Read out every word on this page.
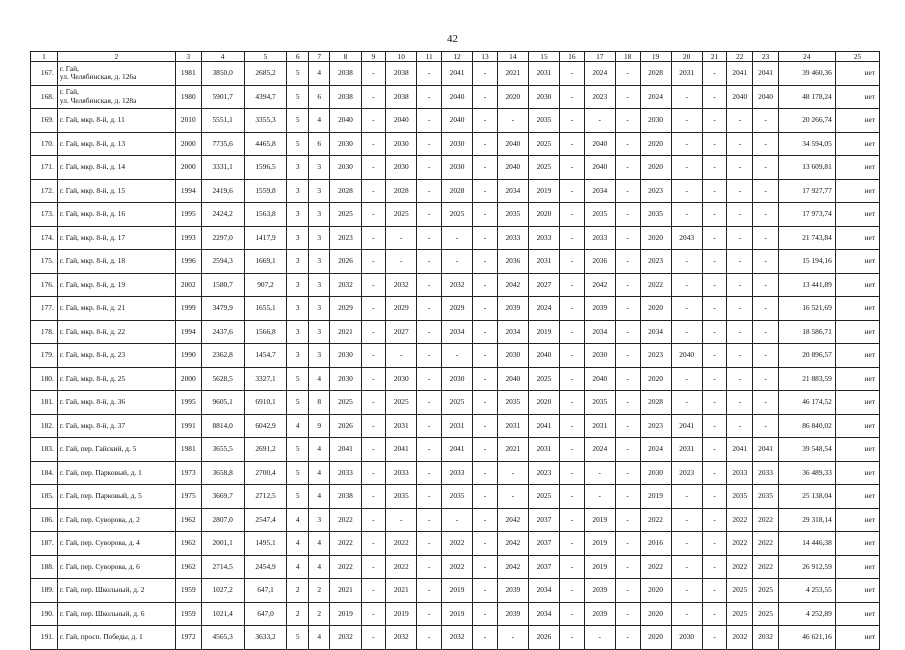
42
1	2	3	4	5	6	7	8	9	10	11	12	13	14	15	16	17	18	19	20	21	22	23	24	25
167.	г. Гай,
ул. Челябинская, д. 126а	1981	3850,0	2685,2	5	4	2038	-	2038	-	2041	-	2021	2031	-	2024	-	2028	2031	-	2041	2041	39 460,36	нет
168.	г. Гай,
ул. Челябинская, д. 128а	1980	5901,7	4394,7	5	6	2038	-	2038	-	2040	-	2020	2030	-	2023	-	2024	-	-	2040	2040	48 178,24	нет
169.	г. Гай, мкр. 8-й, д. 11	2010	5551,1	3355,3	5	4	2040	-	2040	-	2040	-	-	2035	-	-	-	2030	-	-	-	-	20 266,74	нет
170.	г. Гай, мкр. 8-й, д. 13	2000	7735,6	4465,8	5	6	2030	-	2030	-	2030	-	2040	2025	-	2040	-	2020	-	-	-	-	34 594,05	нет
171.	г. Гай, мкр. 8-й, д. 14	2000	3331,1	1596,5	3	3	2030	-	2030	-	2030	-	2040	2025	-	2040	-	2020	-	-	-	-	13 609,81	нет
172.	г. Гай, мкр. 8-й, д. 15	1994	2419,6	1559,8	3	3	2028	-	2028	-	2028	-	2034	2019	-	2034	-	2023	-	-	-	-	17 927,77	нет
173.	г. Гай, мкр. 8-й, д. 16	1995	2424,2	1563,8	3	3	2025	-	2025	-	2025	-	2035	2020	-	2035	-	2035	-	-	-	-	17 973,74	нет
174.	г. Гай, мкр. 8-й, д. 17	1993	2297,0	1417,9	3	3	2023	-	-	-	-	-	2033	2033	-	2033	-	2020	2043	-	-	-	21 743,84	нет
175.	г. Гай, мкр. 8-й, д. 18	1996	2594,3	1669,1	3	3	2026	-	-	-	-	-	2036	2031	-	2036	-	2023	-	-	-	-	15 194,16	нет
176.	г. Гай, мкр. 8-й, д. 19	2002	1580,7	907,2	3	3	2032	-	2032	-	2032	-	2042	2027	-	2042	-	2022	-	-	-	-	13 441,89	нет
177.	г. Гай, мкр. 8-й, д. 21	1999	3479,9	1655,1	3	3	2029	-	2029	-	2029	-	2039	2024	-	2039	-	2020	-	-	-	-	16 521,69	нет
178.	г. Гай, мкр. 8-й, д. 22	1994	2437,6	1566,8	3	3	2021	-	2027	-	2034	-	2034	2019	-	2034	-	2034	-	-	-	-	18 586,71	нет
179.	г. Гай, мкр. 8-й, д. 23	1990	2362,8	1454,7	3	3	2030	-	-	-	-	-	2030	2040	-	2030	-	2023	2040	-	-	-	20 896,57	нет
180.	г. Гай, мкр. 8-й, д. 25	2000	5628,5	3327,1	5	4	2030	-	2030	-	2030	-	2040	2025	-	2040	-	2020	-	-	-	-	21 883,59	нет
181.	г. Гай, мкр. 8-й, д. 36	1995	9605,1	6910,1	5	8	2025	-	2025	-	2025	-	2035	2020	-	2035	-	2028	-	-	-	-	46 174,52	нет
182.	г. Гай, мкр. 8-й, д. 37	1991	8814,0	6042,9	4	9	2026	-	2031	-	2031	-	2031	2041	-	2031	-	2023	2041	-	-	-	86 840,02	нет
183.	г. Гай, пер. Гайский, д. 5	1981	3655,5	2691,2	5	4	2041	-	2041	-	2041	-	2021	2031	-	2024	-	2024	2031	-	2041	2041	39 548,54	нет
184.	г. Гай, пер. Парковый, д. 1	1973	3658,8	2700,4	5	4	2033	-	2033	-	2033	-	-	2023	-	-	-	2030	2023	-	2033	2033	36 489,33	нет
185.	г. Гай, пер. Парковый, д. 5	1975	3669,7	2712,5	5	4	2038	-	2035	-	2035	-	-	2025	-	-	-	2019	-	-	2035	2035	25 138,04	нет
186.	г. Гай, пер. Суворова, д. 2	1962	2807,0	2547,4	4	3	2022	-	-	-	-	-	2042	2037	-	2019	-	2022	-	-	2022	2022	29 318,14	нет
187.	г. Гай, пер. Суворова, д. 4	1962	2001,1	1495,1	4	4	2022	-	2022	-	2022	-	2042	2037	-	2019	-	2016	-	-	2022	2022	14 446,38	нет
188.	г. Гай, пер. Суворова, д. 6	1962	2714,5	2454,9	4	4	2022	-	2022	-	2022	-	2042	2037	-	2019	-	2022	-	-	2022	2022	26 912,59	нет
189.	г. Гай, пер. Школьный, д. 2	1959	1027,2	647,1	2	2	2021	-	2021	-	2019	-	2039	2034	-	2039	-	2020	-	-	2025	2025	4 253,55	нет
190.	г. Гай, пер. Школьный, д. 6	1959	1021,4	647,0	2	2	2019	-	2019	-	2019	-	2039	2034	-	2039	-	2020	-	-	2025	2025	4 252,89	нет
191.	г. Гай, просп. Победы, д. 1	1972	4565,3	3633,2	5	4	2032	-	2032	-	2032	-	-	2026	-	-	-	2020	2030	-	2032	2032	46 621,16	нет
